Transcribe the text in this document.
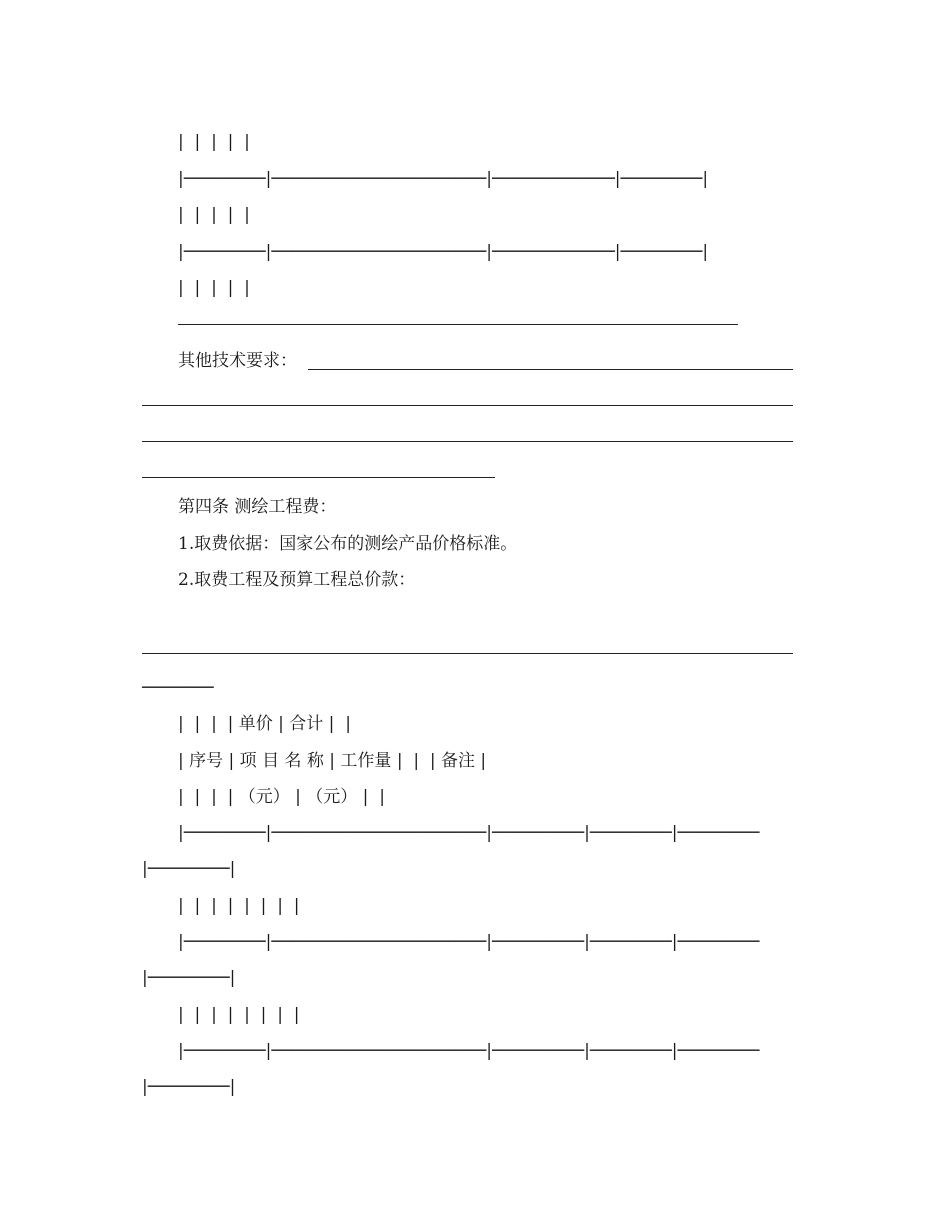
|  |  |  |  |
|────────|─────────────────────|────────────|────────|
|  |  |  |  |
|────────|─────────────────────|────────────|────────|
|  |  |  |  |
其他技术要求：
第四条 测绘工程费：
1.取费依据：国家公布的测绘产品价格标准。
2.取费工程及预算工程总价款：
───────
|  |  |  | 单价 | 合计 |  |
| 序号 | 项 目 名 称 | 工作量 |  |  | 备注 |
|  |  |  | （元） | （元） |  |
|────────|─────────────────────|─────────|────────|────────
|────────|
|  |  |  |  |  |  |  |
|────────|─────────────────────|─────────|────────|────────
|────────|
|  |  |  |  |  |  |  |
|────────|─────────────────────|─────────|────────|────────
|────────|
